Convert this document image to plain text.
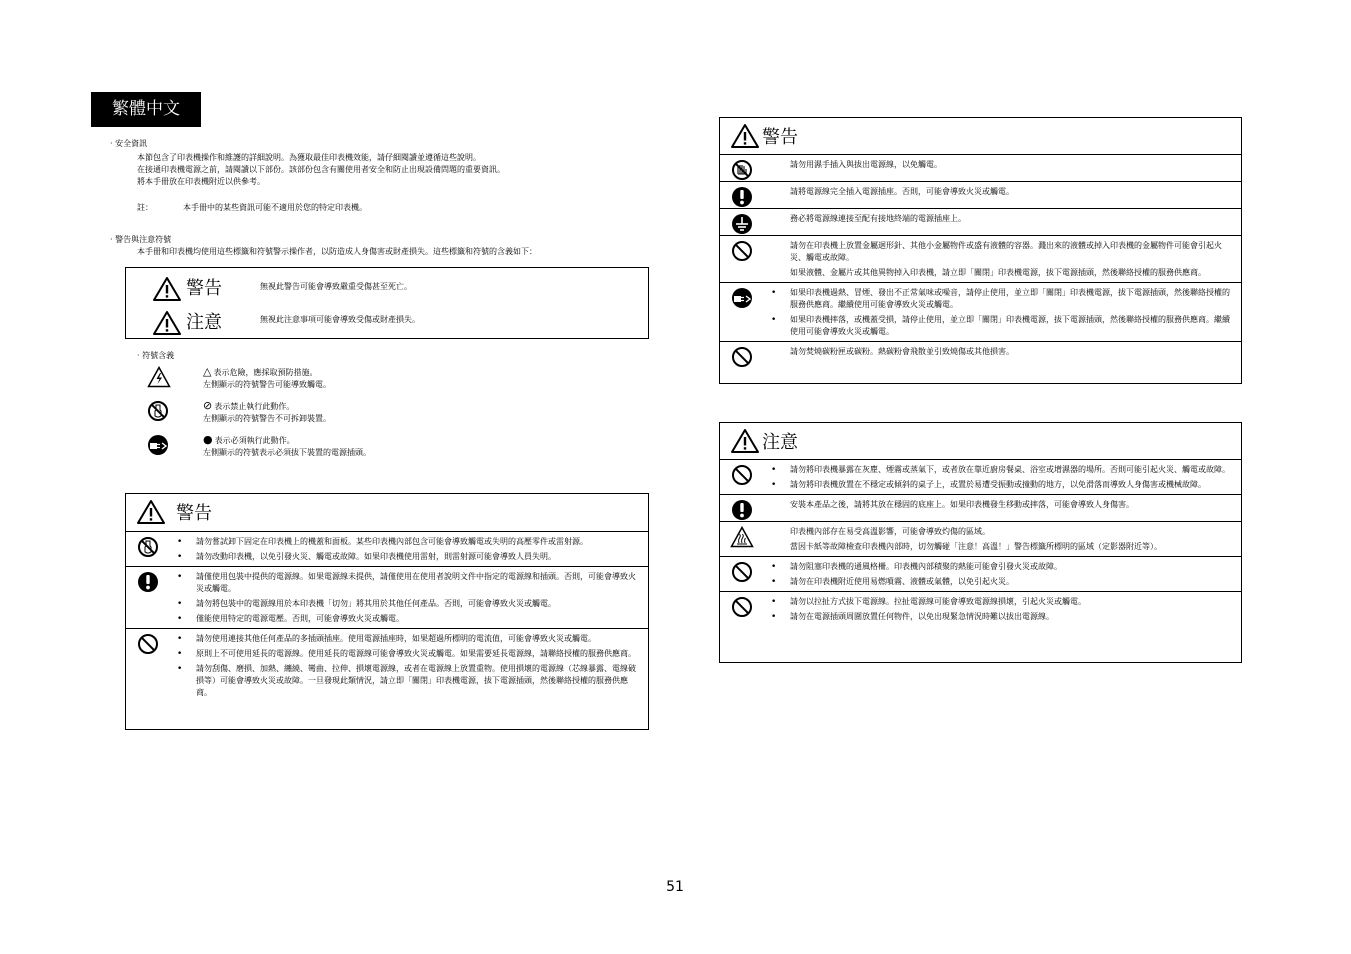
繁體中文
· 安全資訊
本節包含了印表機操作和維護的詳細說明。為獲取最佳印表機效能，請仔細閱讀並遵循這些說明。
在接通印表機電源之前，請閱讀以下部份。該部份包含有關使用者安全和防止出現設備問題的重要資訊。
將本手冊放在印表機附近以供參考。
註：	本手冊中的某些資訊可能不適用於您的特定印表機。
· 警告與注意符號
本手冊和印表機均使用這些標籤和符號警示操作者，以防造成人身傷害或財產損失。這些標籤和符號的含義如下：
警告	無視此警告可能會導致嚴重受傷甚至死亡。
注意	無視此注意事項可能會導致受傷或財產損失。
· 符號含義
△ 表示危險，應採取預防措施。
左側顯示的符號警告可能導致觸電。
⊘ 表示禁止執行此動作。
左側顯示的符號警告不可拆卸裝置。
● 表示必須執行此動作。
左側顯示的符號表示必須拔下裝置的電源插頭。
警告
• 請勿嘗試卸下固定在印表機上的機蓋和面板。某些印表機內部包含可能會導致觸電或失明的高壓零件或雷射源。
• 請勿改動印表機，以免引發火災、觸電或故障。如果印表機使用雷射，則雷射源可能會導致人員失明。
• 請僅使用包裝中提供的電源線。如果電源線未提供，請僅使用在使用者說明文件中指定的電源線和插頭。否則，可能會導致火災或觸電。
• 請勿將包裝中的電源線用於本印表機「切勿」將其用於其他任何產品。否則，可能會導致火災或觸電。
• 僅能使用特定的電源電壓。否則，可能會導致火災或觸電。
• 請勿使用連接其他任何產品的多插頭插座。使用電源插座時，如果超過所標明的電流值，可能會導致火災或觸電。
• 原則上不可使用延長的電源線。使用延長的電源線可能會導致火災或觸電。如果需要延長電源線，請聯絡授權的服務供應商。
• 請勿刮傷、磨損、加熱、纏繞、彎曲、拉伸、損壞電源線，或者在電源線上放置重物。使用損壞的電源線（芯線暴露、電線破損等）可能會導致火災或故障。一旦發現此類情況，請立即「關閉」印表機電源，拔下電源插頭，然後聯絡授權的服務供應商。
警告

請勿用濕手插入與拔出電源線，以免觸電。

請將電源線完全插入電源插座。否則，可能會導致火災或觸電。

務必將電源線連接至配有接地終端的電源插座上。

請勿在印表機上放置金屬迴形針、其他小金屬物件或盛有液體的容器。濺出來的液體或掉入印表機的金屬物件可能會引起火災、觸電或故障。

如果液體、金屬片或其他異物掉入印表機，請立即「關閉」印表機電源，拔下電源插頭，然後聯絡授權的服務供應商。

• 如果印表機過熱、冒煙、發出不正常氣味或噪音，請停止使用，並立即「關閉」印表機電源，拔下電源插頭，然後聯絡授權的服務供應商。繼續使用可能會導致火災或觸電。
• 如果印表機摔落，或機蓋受損，請停止使用，並立即「關閉」印表機電源，拔下電源插頭，然後聯絡授權的服務供應商。繼續使用可能會導致火災或觸電。

請勿焚燒碳粉匣或碳粉。熱碳粉會飛散並引致燒傷或其他損害。

注意
• 請勿將印表機暴露在灰塵、煙霧或蒸氣下，或者放在靠近廚房餐桌、浴室或增濕器的場所。否則可能引起火災、觸電或故障。
• 請勿將印表機放置在不穩定或傾斜的桌子上，或置於易遭受振動或撞動的地方，以免滑落而導致人身傷害或機械故障。

安裝本產品之後，請將其放在穩固的底座上。如果印表機發生移動或摔落，可能會導致人身傷害。

印表機內部存在易受高溫影響，可能會導致灼傷的區域。

當因卡紙等故障檢查印表機內部時，切勿觸碰「注意！高溫！」警告標籤所標明的區域（定影器附近等）。

• 請勿阻塞印表機的通風格柵。印表機內部積聚的熱能可能會引發火災或故障。
• 請勿在印表機附近使用易燃噴霧、液體或氣體，以免引起火災。
• 請勿以拉扯方式拔下電源線。拉扯電源線可能會導致電源線損壞，引起火災或觸電。
• 請勿在電源插頭周圍放置任何物件，以免出現緊急情況時難以拔出電源線。
51
